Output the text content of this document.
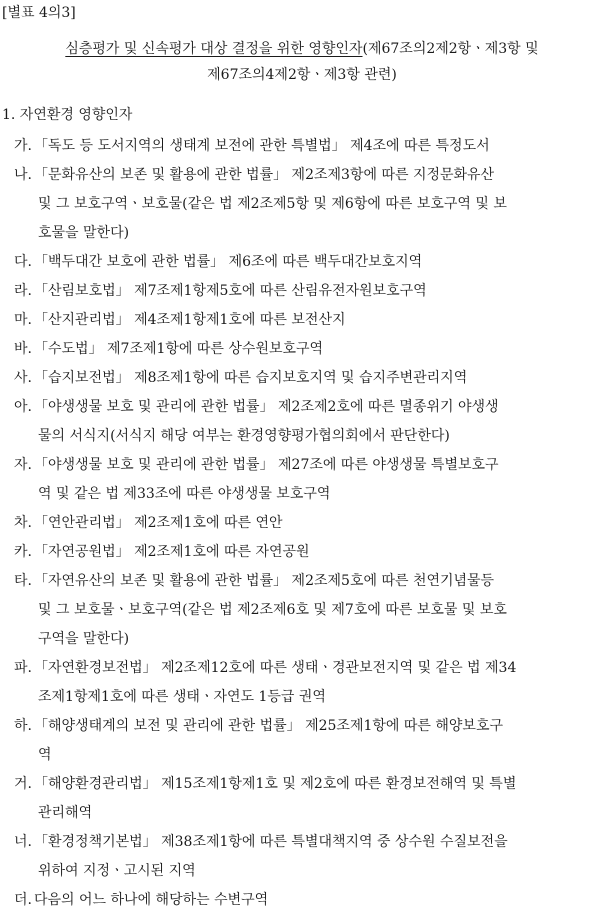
[별표 4의3]
심층평가 및 신속평가 대상 결정을 위한 영향인자(제67조의2제2항ㆍ제3항 및
제67조의4제2항ㆍ제3항 관련)
1. 자연환경 영향인자
가. 「독도 등 도서지역의 생태계 보전에 관한 특별법」 제4조에 따른 특정도서
나. 「문화유산의 보존 및 활용에 관한 법률」 제2조제3항에 따른 지정문화유산
및 그 보호구역ㆍ보호물(같은 법 제2조제5항 및 제6항에 따른 보호구역 및 보
호물을 말한다)
다. 「백두대간 보호에 관한 법률」 제6조에 따른 백두대간보호지역
라. 「산림보호법」 제7조제1항제5호에 따른 산림유전자원보호구역
마. 「산지관리법」 제4조제1항제1호에 따른 보전산지
바. 「수도법」 제7조제1항에 따른 상수원보호구역
사. 「습지보전법」 제8조제1항에 따른 습지보호지역 및 습지주변관리지역
아. 「야생생물 보호 및 관리에 관한 법률」 제2조제2호에 따른 멸종위기 야생생
물의 서식지(서식지 해당 여부는 환경영향평가협의회에서 판단한다)
자. 「야생생물 보호 및 관리에 관한 법률」 제27조에 따른 야생생물 특별보호구
역 및 같은 법 제33조에 따른 야생생물 보호구역
차. 「연안관리법」 제2조제1호에 따른 연안
카. 「자연공원법」 제2조제1호에 따른 자연공원
타. 「자연유산의 보존 및 활용에 관한 법률」 제2조제5호에 따른 천연기념물등
및 그 보호물ㆍ보호구역(같은 법 제2조제6호 및 제7호에 따른 보호물 및 보호
구역을 말한다)
파. 「자연환경보전법」 제2조제12호에 따른 생태ㆍ경관보전지역 및 같은 법 제34
조제1항제1호에 따른 생태ㆍ자연도 1등급 권역
하. 「해양생태계의 보전 및 관리에 관한 법률」 제25조제1항에 따른 해양보호구
역
거. 「해양환경관리법」 제15조제1항제1호 및 제2호에 따른 환경보전해역 및 특별
관리해역
너. 「환경정책기본법」 제38조제1항에 따른 특별대책지역 중 상수원 수질보전을
위하여 지정ㆍ고시된 지역
더. 다음의 어느 하나에 해당하는 수변구역
